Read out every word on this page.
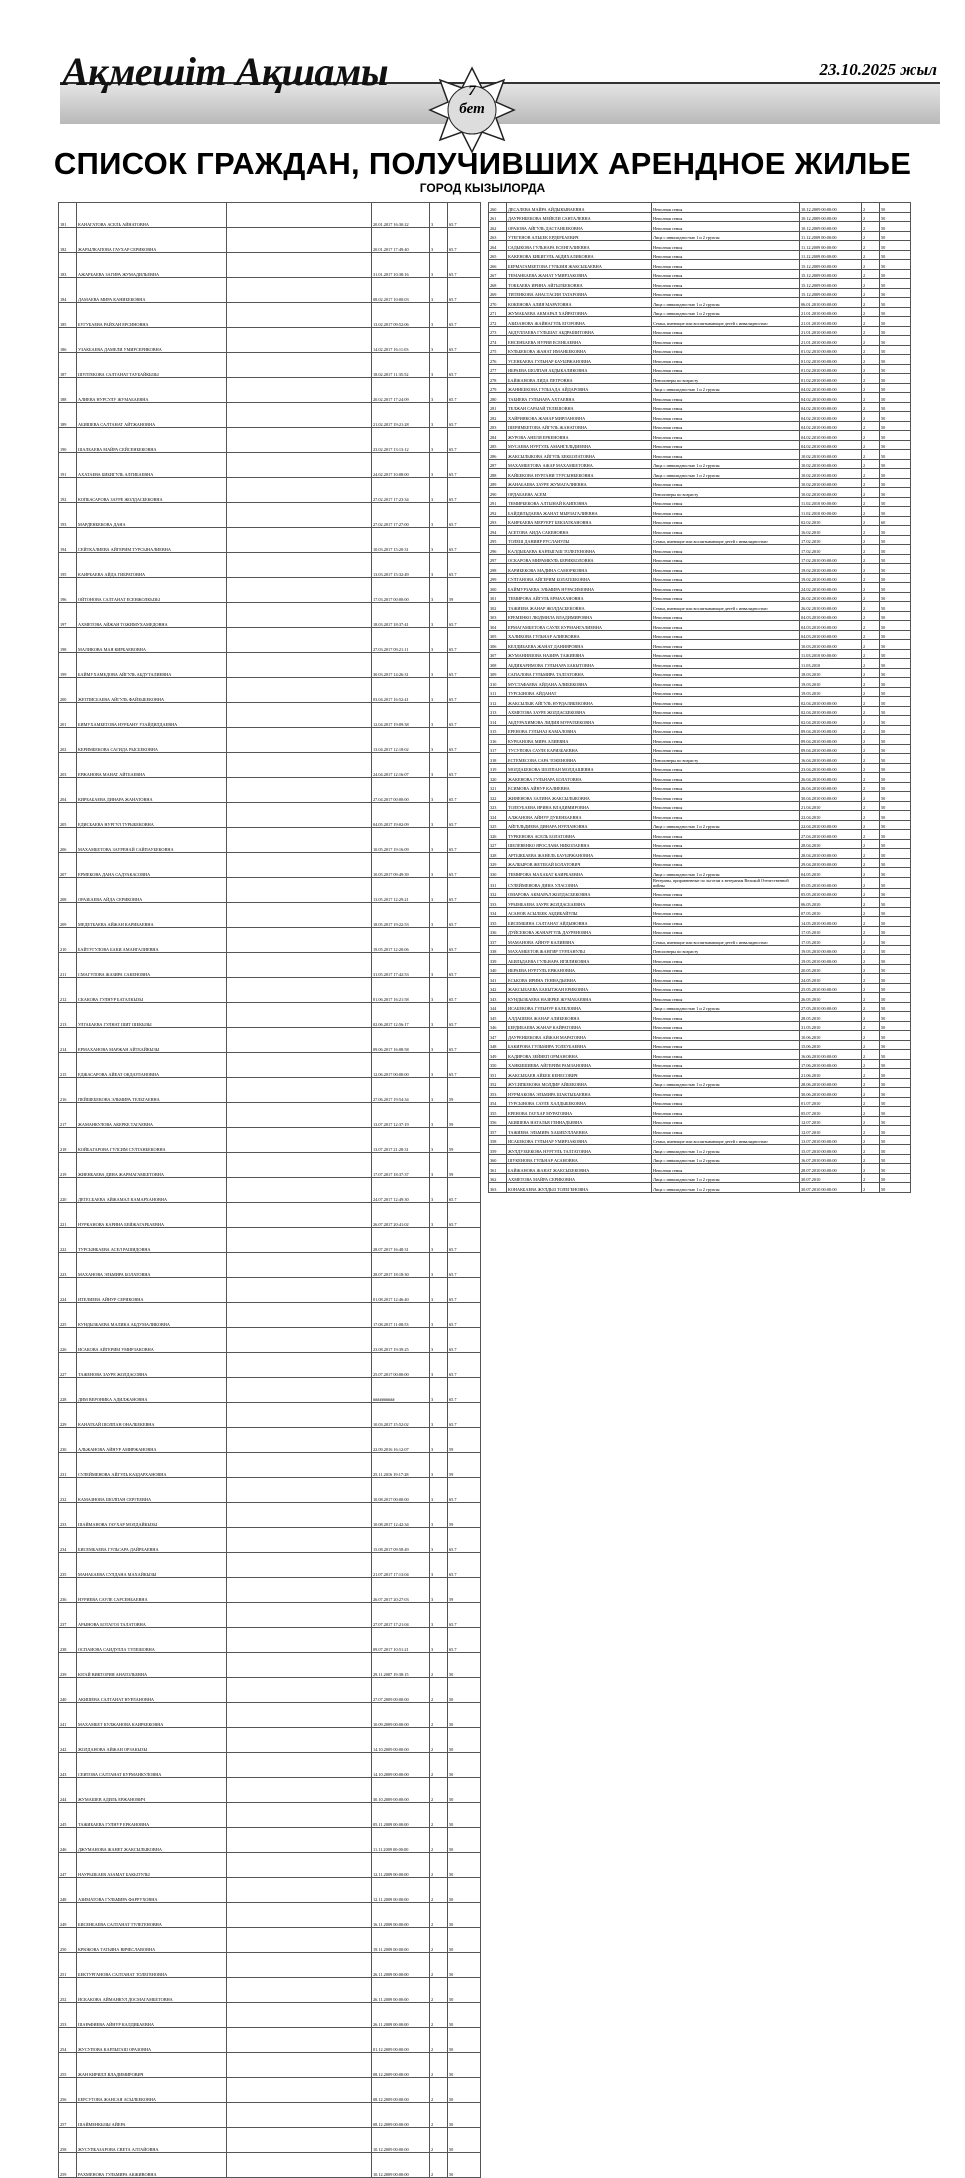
Ақмешіт Ақшамы	23.10.2025 жыл
7
бет
СПИСОК ГРАЖДАН, ПОЛУЧИВШИХ АРЕНДНОЕ ЖИЛЬЕ
ГОРОД КЫЗЫЛОРДА
181	КАНАГАТОВА АСЕЛЬ АЙНАТОВНА		20.01.2017 16:30:22	3	65.7
182	ЖАРЫЛКАПОВА ГАУХАР СЕРИКОВНА		20.01.2017 17:49:40	3	65.7
183	АЖАРБАЕВА ЗАГИРА ЖУМАДИЛЬЕВНА		31.01.2017 10:38:16	3	65.7
184	ДАМАЕВА МИРА КАНИБЕКОВНА		08.02.2017 10:00:03	3	65.7
185	БУГУБАЕВА РАЙХАН ЕРСИНОВНА		13.02.2017 09:52:06	3	65.7
186	УЗАКБАЕВА ДАМЕЛИ УМИРСЕРИКОВНА		14.02.2017 16:11:03	3	65.7
187	ШУЛТЕКОВА САЛТАНАТ ТАУБАЙКЫЗЫ		18.02.2017 11:35:52	3	65.7
188	АЛИЕВА НУРСУЛУ ЖУМАБАЕВНА		20.02.2017 17:24:09	3	65.7
189	АБИШЕВА САЛТАНАТ АЙТЖАНОВНА		21.02.2017 19:21:28	3	65.7
190	ШАЛБАЕВА МАЙРА СЕЙСЕНБЕКОВНА		23.02.2017 13:13:12	3	65.7
191	АХАТАЕВА БИБИГУЛЬ АЛГИБАЕВНА		24.02.2017 10:08:00	3	65.7
192	КОПБАСАРОВА ЗАУРЕ ЖОЛДАСБЕКОВНА		27.02.2017 17:23:34	3	65.7
193	МАРДЕНБЕКОВА ДАНА		27.02.2017 17:27:00	3	65.7
194	СЕЙТКАЛИЕВА АЙГЕРИМ ТУРСЫНАЛИЕВНА		10.03.2017 15:20:31	3	65.7
195	КАИРБАЕВА АЙДА ГИБРАТОВНА		13.03.2017 15:32:49	3	65.7
196	ОЙТОНОВА САЛТАНАТ ЕСЕНЖОЛКЫЗЫ		17.03.2017 00:00:00	3	59
197	АХМЕТОВА АЙЖАН ТОЖИМУХАМЕДОВНА		18.03.2017 18:37:41	3	65.7
198	МАЛИКОВА МАЯ КИРБАЕВОВНА		27.03.2017 09:21:11	3	65.7
199	БАЙМУХАМЕДОВА АЙГУЛЬ АБДУТАЛИЕВНА		30.03.2017 14:26:31	3	65.7
200	ЖЕТПИСБАЕВА АЙГУЛЬ ФАЙЗЫБЕКОВНА		03.04.2017 16:52:41	3	65.7
201	БИМУХАМБЕТОВА НУРБАНУ УЗАЙДИЛДАЕВНА		12.04.2017 19:09:38	3	65.7
202	КЕРИМБЕКОВА САГИДА РЫСБЕКОВНА		13.04.2017 12:18:02	3	65.7
203	ЕРЖАНОВА МАНАТ АЙТБАЕВНА		24.04.2017 12:16:07	3	65.7
204	КИРБАБАЕВА ДИНАРА ЖАНАТОВНА		27.04.2017 00:00:00	3	65.7
205	ЕДИСБАЕВА НУРГУЛ ТУРЫБЕКОВНА		04.05.2017 19:02:09	3	65.7
206	МАХАМБЕТОВА ЗАУРЕНАЙ САЙПАУБЕКОВНА		10.05.2017 19:16:09	3	65.7
207	ЕРМЕКОВА ДАНА САДУАКАСОВНА		10.05.2017 09:49:39	3	65.7
208	ОРАЗБАЕВА АЙДА СЕРИКОВНА		13.05.2017 12:29:21	3	65.7
209	МЕДЕТБАЕВА АЙЖАН КАРИБАЕВНА		18.05.2017 19:22:53	3	65.7
210	БАЙТУГУЛОВА БАКИ АМАНГАЛИЕВНА		19.05.2017 12:20:06	3	65.7
211	СМАГУЛОВА ЖАЗИРА САКЕНОВНА		31.05.2017 17:42:53	3	65.7
212	СКАКОВА ГУЛНУР БАТАЛКЫЗЫ		01.06.2017 16:21:58	3	65.7
213	УЛГАБАЕВА ГУЛНАТ ШИТ ШЕКЫЗЫ		02.06.2017 12:56:17	3	65.7
214	ЕРМАХАНОВА МАРЖАН АЙТБАЙКЫЗЫ		09.06.2017 16:08:58	3	65.7
215	ЕДЖАСАРОВА АЙЕАТ ОКДАУЛАНОВНА		12.06.2017 00:00:00	3	65.7
216	ПЕЙШЕБЕКОВА ЭЛЬМИРА ТЕЛЬТАЕВНА		27.06.2017 19:54:34	3	59
217	ЖАМАНКУЛОВА АКЕРКЕ ТАГАЕВНА		13.07.2017 12:37:19	3	59
218	КОЙБАГАРОВА ГУЛСИМ СУЛТАНБЕКОВНА		13.07.2017 21:28:31	3	59
219	ЖИЕНБАЕВА ДИНА ЖАРМАГАМБЕТОВНА		17.07.2017 18:37:37	3	59
220	ДЕТЕСБАЕВА АЙЖАМАЛ КАМАРХАНОВНА		24.07.2017 12:49:30	3	65.7
221	НУРКАНОВА КАРИНА БЕЙЖАГАРБАЕВНА		26.07.2017 20:41:02	3	65.7
222	ТУРСЫНБАЕВА АСЕЛ РАШИДОВНА		28.07.2017 16:48:31	3	65.7
223	МАХАНОВА ЭЛЬМИРА БОЛАТОВНА		28.07.2017 18:18:30	3	65.7
224	ИТЕЛИЕВА АЙНУР СЕРИКОВНА		01.08.2017 12:46:40	3	65.7
225	КУНДЫЗБАЕВА МАЛИКА АБДУМАЛИКОВНА		17.08.2017 11:08:53	3	65.7
226	ИСАКОВА АЙГЕРИМ УМИРЗАКОВНА		23.08.2017 19:39:25	3	65.7
227	ТАЖЕНОВА ЗАУРЕ ЖОЛДАСОВНА		25.07.2017 00:00:00	3	65.7
228	ДИМ ВЕРОНИКА АДИЛЖАНОВНА		##########	3	65.7
229	КАНАТБАЙ ШОЛПАН ОНАЛБЕКЕВНА		10.03.2017 15:52:02	3	65.7
230	АЛЬЖАНОВА АЙНУР АМИРЖАНОВНА		22.09.2016 16:12:07	3	59
231	СУЛЕЙМЕНОВА АЙГУЛЬ КАЗДАРХАНОВНА		25.11.2016 19:17:28	3	59
232	КАМАЗНОВА ШОЛПАН СЕРГЕЕВНА		10.08.2017 00:00:00	3	65.7
233	ШАЙМАНОВА ГАУХАР МОЛДАЙКЫЗЫ		10.08.2017 12:42:34	3	59
234	БИСЕМБАЕВА ГУЛЬСАРА ДАЙРБАЕВНА		15.08.2017 09:58:49	3	65.7
235	МАНАБАЕВА СУЛДАНА МАХАЙКЫЗЫ		21.07.2017 17:13:04	3	65.7
236	НУРИЕВА САУЛЕ САРСЕНБАЕВНА		26.07.2017 20:27:03	3	59
237	АРЫНОВА БОТАГОЗ ТАЛАТОВНА		27.07.2017 17:21:04	3	65.7
238	ОСПАНОВА САИДУЛЛА ТУЛЕШОВНА		09.07.2017 10:51:21	3	65.7
239	ЮГАЙ ВИКТОРИЯ АНАТОЛЬЕВНА		29.11.2007 19:38:15	2	50
240	АКИШЕВА САЛТАНАТ НУРЛАНОВНА		27.07.2009 00:00:00	2	50
241	МАХАМБЕТ КУЛЖАНОВА КАИРБЕКОВНА		10.09.2009 00:00:00	2	50
242	ЖОЛДАНОВА АЙЖАН ОРЗАКЫЗЫ		14.10.2009 00:00:00	2	50
243	СЕИТОВА САЛТАНАТ КУРМАНКУЛОВНА		14.10.2009 00:00:00	2	50
244	ЖУМАШЕВ АДИЛЬ ЕРЖАНОВИЧ		30.10.2009 00:00:00	2	50
245	ТАЖИБАЕВА ГУЛНУР ЕРКАНОВНА		05.11.2009 00:00:00	2	50
246	ДЖУМАНОВА ЖАНЕТ ЖАКСЫЛЫКОВНА		11.11.2009 00:00:00	2	50
247	НАУРЫЗБАЕВ АЗАМАТ БАКЫТУЛЫ		12.11.2009 00:00:00	2	50
248	АЗИМАТОВА ГУЛЬМИРА ФАРРУХОВНА		12.11.2009 00:00:00	2	50
249	БИСЕНБАЕВА САЛТАНАТ ТУЛЕГЕНОВНА		16.11.2009 00:00:00	2	50
250	КРЮКОВА ТАТЬЯНА ВЯЧЕСЛАВОВНА		19.11.2009 00:00:00	2	50
251	БЕКТУРГАНОВА САЛТАНАТ ТОЛЕГЕНОВНА		26.11.2009 00:00:00	2	50
252	ИСКАКОВА АЙМАНКУЛ ДОСМАГАМБЕТОВНА		26.11.2009 00:00:00	2	50
253	ШАРАФИЕВА АЙНУР КАЛДИБАЕВНА		26.11.2009 00:00:00	2	50
254	ЖУСУПОВА КАРЛЫГАШ ОРАЗОВНА		01.12.2009 00:00:00	2	50
255	ЖАН КИРИЛЛ ВЛАДИМИРОВИЧ		08.12.2009 00:00:00	2	50
256	БЕРСУТОВА ЖАНСАЯ АСЫЛБЕКОВНА		08.12.2009 00:00:00	2	50
257	ШАЙМЕНКЫЗЫ АЙЕРА		08.12.2009 00:00:00	2	50
258	ЖУСУПБАЗАРОВА СВЕТА АЛТАЙОВНА		10.12.2009 00:00:00	2	50
259	РАХМЕНОВА ГУЛЬМИРА АКЖИВОВНА		10.12.2009 00:00:00	2	50
260	ДЕСАЛЕВА МАЙРА АЙДЫКЫВАЕВНА	Неполная семья	10.12.2009 00:00:00	2	50
261	ДАУРЕНБЕКОВА МЕЙЕЛИ САНТАЛЕВНА	Неполная семья	10.12.2009 00:00:00	2	50
262	ОРАЗОВА АЙГУЛЬ ДАСТАНБЕКОВНА	Неполная семья	10.12.2009 00:00:00	2	50
263	УТЕГЕНОВ АЛЬБЕК ЕРДЕРБАЕВИЧ	Лица с инвалидностью 1 и 2 группы	11.12.2009 00:00:00	2	50
264	САДЫКОВА ГУЛЬНАРА ЕСЕНГАЛИЕВНА	Неполная семья	11.12.2009 00:00:00	2	50
265	КАКЕНОВА БИБИГУЛЬ АБДИХАЛИКОВНА	Неполная семья	11.12.2009 00:00:00	2	50
266	БЕРМАГАМБЕТОВА ГУЛЬЗИЯ ЖАКСЫБАЕВНА	Неполная семья	15.12.2009 00:00:00	2	50
267	ТЕМАНБАЕВА ЖАНАТ УМИРЗАКОВНА	Неполная семья	15.12.2009 00:00:00	2	50
268	ТОКБАЕВА ИРИНА АЙГЫЛБЕКОВНА	Неполная семья	15.12.2009 00:00:00	2	50
269	ТИТЕНКОВА АНАСТАСИЯ ТАТАРОВНА	Неполная семья	15.12.2009 00:00:00	2	50
270	КОКЕНОВА АЛИЯ МАРАТОВНА	Лица с инвалидностью 1 и 2 группы	06.01.2010 00:00:00	2	50
271	ЖУМАБАЕВА АКМАРАЛ ХАЙРАТОВНА	Лица с инвалидностью 1 и 2 группы	21.01.2010 00:00:00	2	50
272	АЗИЗАНОВА ЖАЙНАГУЛЬ ЕГОРОВНА	Семьи, имеющие или воспитывающие детей с инвалидностью	21.01.2010 00:00:00	2	50
273	АБДУЛЛАЕВА ГУЛЬШАТ АБДРАШИТОВНА	Неполная семья	21.01.2010 00:00:00	2	50
274	ЕНСЕНБАЕВА НУРИЯ ЕСЕНБАЕВНА	Неполная семья	21.01.2010 00:00:00	2	50
275	КУЛЬБЕКОВА ЖАНАТ ИМАНБЕКОВНА	Неполная семья	01.02.2010 00:00:00	2	50
276	УСЕНБАЕВА ГУЛЬНАР БАУЫРЖАНОВНА	Неполная семья	01.02.2010 00:00:00	2	50
277	ИБРАЕВА ШОЛПАН АБДЫКАЛИКОВНА	Неполная семья	01.02.2010 00:00:00	2	50
278	БАЙЖАНОВА ЛИДА ПЕТРОВНА	Пенсионеры по возрасту	01.02.2010 00:00:00	2	50
279	ЖАНИБЕКОВА ГУЛЬЗАДА АЙДАРОВНА	Лица с инвалидностью 1 и 2 группы	04.02.2010 00:00:00	2	50
280	ТАБИЕВА ГУЛЬНАРА АХТАЕВНА	Неполная семья	04.02.2010 00:00:00	2	50
281	ТЕЛЖАН САРЫАЙ ТЕЛЕШОВНА	Неполная семья	04.02.2010 00:00:00	2	50
282	ХАЙРИЯКОВА ЖАНАР МИРЛАНОВНА	Неполная семья	04.02.2010 00:00:00	2	50
283	ШЕРИМБЕТОВА АЙГУЛЬ ЖАНАТОВНА	Неполная семья	04.02.2010 00:00:00	2	50
284	ЖУРОВА АНЕЛЯ ЕРКЕНОВНА	Неполная семья	04.02.2010 00:00:00	2	50
285	МУСАЕВА НУРГУЛЬ АМАНГЕЛЬДИЕВНА	Неполная семья	04.02.2010 00:00:00	2	50
286	ЖАКСЫЛЫКОВА АЙГУЛЬ БЕКБОЛАТОВНА	Неполная семья	10.02.2010 00:00:00	2	50
287	МАХАМБЕТОВА АЖАР МАХАМБЕТОВНА	Лица с инвалидностью 1 и 2 группы	10.02.2010 00:00:00	2	50
288	КАЙБЕКОВА НУРГАНИ ТУРСЫНБЕКОВНА	Лица с инвалидностью 1 и 2 группы	10.02.2010 00:00:00	2	50
289	ЖАНАБАЕВА ЗАУРЕ ЖУМАГАЛИЕВНА	Неполная семья	10.02.2010 00:00:00	2	50
290	ОРДАБАЕВА АСЕМ	Пенсионеры по возрасту	10.02.2010 00:00:00	2	50
291	ТЕМИРБЕКОВА АЛТЫНАЙ КАИПОВНА	Неполная семья	11.02.2010 00:00:00	2	50
292	БАЙДИЛЬДАЕВА ЖАНАТ МЫРЗАГАЛИЕВНА	Неполная семья	11.02.2010 00:00:00	2	50
293	КАИРБАЕВА МЕРУЕРТ БЕКЗАТКАНОВНА	Неполная семья	02.02.2010	2	60
294	АСЕТОВА АИДА САКЕНОВНА	Неполная семья	16.02.2010	2	50
295	ТОЛЕШ ДАНИЯР РУСЛАНУЛЫ	Семьи, имеющие или воспитывающие детей с инвалидностью	17.02.2010	2	50
296	КАЛДЫБАЕВА КАРЛЫГАШ ТОЛЕГЕНОВНА	Неполная семья	17.02.2010	2	50
297	ОСКАРОВА МИРАМКУЛЬ БЕРИКБОЛОВНА	Неполная семья	17.02.2010 00:00:00	2	50
298	КАРИБЕКОВА МАДИНА САМОРКОВНА	Неполная семья	19.02.2010 00:00:00	2	50
299	СУЛТАНОВА АЙГЕРИМ БОЛАТБЕКОВНА	Неполная семья	19.02.2010 00:00:00	2	50
300	БАЙМУРЗАЕВА ЭЛЬМИРА НУРАСИМОВНА	Неполная семья	24.02.2010 00:00:00	2	50
301	ТЕМИРОВА АЙГУЛЬ ЕРМАХАНОВНА	Неполная семья	26.02.2010 00:00:00	2	50
302	ТАЖИЕВА ЖАНАР ЖОЛДАСБЕКОВНА	Семьи, имеющие или воспитывающие детей с инвалидностью	26.02.2010 00:00:00	2	50
303	ЕРЕМЕНКО ЛЮДМИЛА ВЛАДИМИРОВНА	Неполная семья	04.03.2010 00:00:00	2	50
304	ЕРМАГАМБЕТОВА САУЛЕ КУРМАНГАЛИЕВНА	Неполная семья	04.03.2010 00:00:00	2	50
305	ХАЛИКОВА ГУЛЬНАР АЛИЕВОВНА	Неполная семья	04.03.2010 00:00:00	2	50
306	КЕЛДИБАЕВА ЖАНАТ ДАНИЯРОВНА	Неполная семья	10.03.2010 00:00:00	2	50
307	ЖУМАНИЯЗОВА НАЗИРА ТАЖИЕВНА	Неполная семья	11.03.2010 00:00:00	2	50
308	АБДИКАРИМОВА ГУЛЬНАРА БАКЫТОВНА	Неполная семья	11.03.2010	2	50
309	САПАЛОВА ГУЛЬМИРА ТАЛГАТОВНА	Неполная семья	18.03.2010	2	50
310	МУСТАФАЕВА АЙДАНА АЛИБЕКОВНА	Неполная семья	19.03.2010	2	50
311	ТУРСЫНОВА АЙДАНАТ	Неполная семья	19.03.2010	2	50
312	ЖАКСЫЛЫК АЙГУЛЬ НУРДАЛИБЕКОВНА	Неполная семья	02.04.2010 00:00:00	2	50
313	АХМЕТОВА ЗАУРЕ ЖОЛДАСБЕКОВНА	Неполная семья	02.04.2010 00:00:00	2	50
314	АБДУРАХИМОВА ЛИДИЯ МУРАТБЕКОВНА	Неполная семья	02.04.2010 00:00:00	2	50
315	ЕРЕНОВА ГУЛЬНАЗ КАМАЛОВНА	Неполная семья	09.04.2010 00:00:00	2	50
316	КУРБАНОВА МИРА АЛИЕВНА	Неполная семья	09.04.2010 00:00:00	2	50
317	ТУСУПОВА САУЛЕ КАРИЗБАЕВНА	Неполная семья	09.04.2010 00:00:00	2	50
318	ЕСТЕМЕСОВА САРА ТОКЕНОВНА	Пенсионеры по возрасту	16.04.2010 00:00:00	2	50
319	МОЛДАБЕКОВА ШОЛПАН МОЛДАШЕВНА	Неполная семья	23.04.2010 00:00:00	2	50
320	ЖАКЕНОВА ГУЛЬНАРА БОЛАТОВНА	Неполная семья	26.04.2010 00:00:00	2	50
321	ЕСИМОВА АЙНУР КАЛИЕВНА	Неполная семья	26.04.2010 00:00:00	2	50
322	ЖИЯЕНОВА ЗАЛИНА ЖАКСЫЛЫКОВНА	Неполная семья	30.04.2010 00:00:00	2	50
323	ТОЛЕУБАЕВА ИРИНА ВЛАДИМИРОВНА	Неполная семья	21.04.2010	2	50
324	АЛЖАНОВА АЙНУР ДУКЕНБАЕВНА	Неполная семья	22.04.2010	2	50
325	АЙГЕЛЬДИЕВА ДИНАРА НУРЛАНОВНА	Лица с инвалидностью 1 и 2 группы	22.04.2010 00:00:00	2	50
326	ТУРКЕНОВА АСЕЛЬ БОЛАТОВНА	Неполная семья	27.04.2010 00:00:00	2	50
327	ШЕЛЕВЕНКО ЯРОСЛАВА НИКОЛАЕВНА	Неполная семья	28.04.2010	2	50
328	АРТЫКБАЕВА ЖАНЕЛЬ БАУЫРЖАНОВНА	Неполная семья	28.04.2010 00:00:00	2	50
329	ЖАЛБЫРОВ ЖЕТЕБАЙ БОЛАТОВИЧ	Неполная семья	29.04.2010 00:00:00	2	50
330	ТЕМИРОВА МАХАБАТ КАИРБАЕВНА	Лица с инвалидностью 1 и 2 группы	04.05.2010	2	50
331	СУЛЕЙМЕНОВА ДИНА УЛАСОВНА	Ветераны, приравненные по льготам к ветеранам Великой Отечественной войны	05.05.2010 00:00:00	2	50
332	ОМАРОВА АКМАРАЛ ЖОЛДАСБЕКОВНА	Неполная семья	05.05.2010 00:00:00	2	50
333	УРЫМБАЕВА ЗАУРЕ ЖОЛДАСБАЕВНА	Неполная семья	06.05.2010	2	50
334	АСАНОВ АСЫЛБЕК АБДИБАЙУЛЫ	Неполная семья	07.05.2010	2	50
335	БИСЕМБИНА САЛТАНАТ АЙДЫНОВНА	Неполная семья	14.05.2010 00:00:00	2	50
336	ДУЙСЕКОВА ЖАНАРГУЛЬ ДАУРЕНОВНА	Неполная семья	17.05.2010	2	50
337	МАМАНОВА АЙНУР КАЛИЕВНА	Семьи, имеющие или воспитывающие детей с инвалидностью	17.05.2010	2	50
338	МАХАМБЕТОВ ЖАНГИР ТУРЛАНУЛЫ	Пенсионеры по возрасту	19.05.2010 00:00:00	2	50
339	АБИЛЬДАЕВА ГУЛЬНАРА ИГИЛИКОВНА	Неполная семья	19.05.2010 00:00:00	2	50
340	ИБРАЕВА НУРГУЛЬ ЕРЖАНОВНА	Неполная семья	20.05.2010	2	50
341	ЕСЬКОВА ИРИНА ГЕННАДЬЕВНА	Неполная семья	24.05.2010	2	50
342	ЖАКСЫБАЕВА БАКЫТЖАН ЕРИКОВНА	Неполная семья	25.05.2010 00:00:00	2	50
343	КУНДЫЗБАЕВА НАЗЕРКЕ ЖУМАБАЕВНА	Неполная семья	26.05.2010	2	50
344	ИСАБЕКОВА ГУЛЬНУР КАЛЕЛОВНА	Лица с инвалидностью 1 и 2 группы	27.05.2010 00:00:00	2	50
345	АЛДАШЕВА ЖАНАР АЛИБЕКОВНА	Неполная семья	28.05.2010	2	50
346	БЕРДИБАЕВА ЖАНАР КАЙРАТОВНА	Неполная семья	31.05.2010	2	50
347	ДАУРЕНБЕКОВА АЙЖАН МАРАТОВНА	Неполная семья	10.06.2010	2	50
348	БАКИРОВА ГУЛЬМИРА ТОЛЕУБАЕВНА	Неполная семья	15.06.2010	2	50
349	КАДИРОВА ЗЕЙНЕП ОРМАНОВНА	Неполная семья	16.06.2010 00:00:00	2	50
350	ХАНКИШИЕВА АЙГЕРИМ РАМЗАНОВНА	Неполная семья	17.06.2010 00:00:00	2	50
351	ЖАКСЫБАЕВ АЙБЕК КЕНЕСОВИЧ	Неполная семья	21.06.2010	2	50
352	ЖУСИПБЕКОВА МОЛДИР АЙБЕКОВНА	Лица с инвалидностью 1 и 2 группы	28.06.2010 00:00:00	2	50
353	НУРМАКОВА ЭЛЬМИРА ШАКТЫБАЕВНА	Неполная семья	30.06.2010 00:00:00	2	50
354	ТУРСЫНОВА САУЛЕ ХАЛДЫБЕКОВНА	Неполная семья	01.07.2010	2	50
355	ЕРЕНОВА ГАУХАР МУРАТОВНА	Неполная семья	05.07.2010	2	50
356	АБИШЕВА НАТАЛЬЯ ГЕННАДЬЕВНА	Неполная семья	12.07.2010	2	50
357	ТАЖИЕВА ЭЛЬМИРА ХАБИБУЛЛАЕВНА	Неполная семья	12.07.2010	2	50
358	ИСАБЕКОВА ГУЛЬНАР УМИРЗАКОВНА	Семьи, имеющие или воспитывающие детей с инвалидностью	13.07.2010 00:00:00	2	50
359	ЖУЛДУЗБЕКОВА НУРГУЛЬ ТАЛГАТОВНА	Лица с инвалидностью 1 и 2 группы	15.07.2010 00:00:00	2	50
360	ШУКЕНОВА ГУЛЬНАР АСАНОВНА	Лица с инвалидностью 1 и 2 группы	16.07.2010 00:00:00	2	50
361	БАЙЖАНОВА ЖАНАТ ЖАКСЫБЕКОВНА	Неполная семья	28.07.2010 00:00:00	2	50
362	АХМЕТОВА МАЙРА СЕРИКОВНА	Лица с инвалидностью 1 и 2 группы	30.07.2010	2	50
363	КОНАКБАЕВА ЖУЛДЫЗ ТОЛЕГЕНОВНА	Лица с инвалидностью 1 и 2 группы	30.07.2010 00:00:00	2	50
